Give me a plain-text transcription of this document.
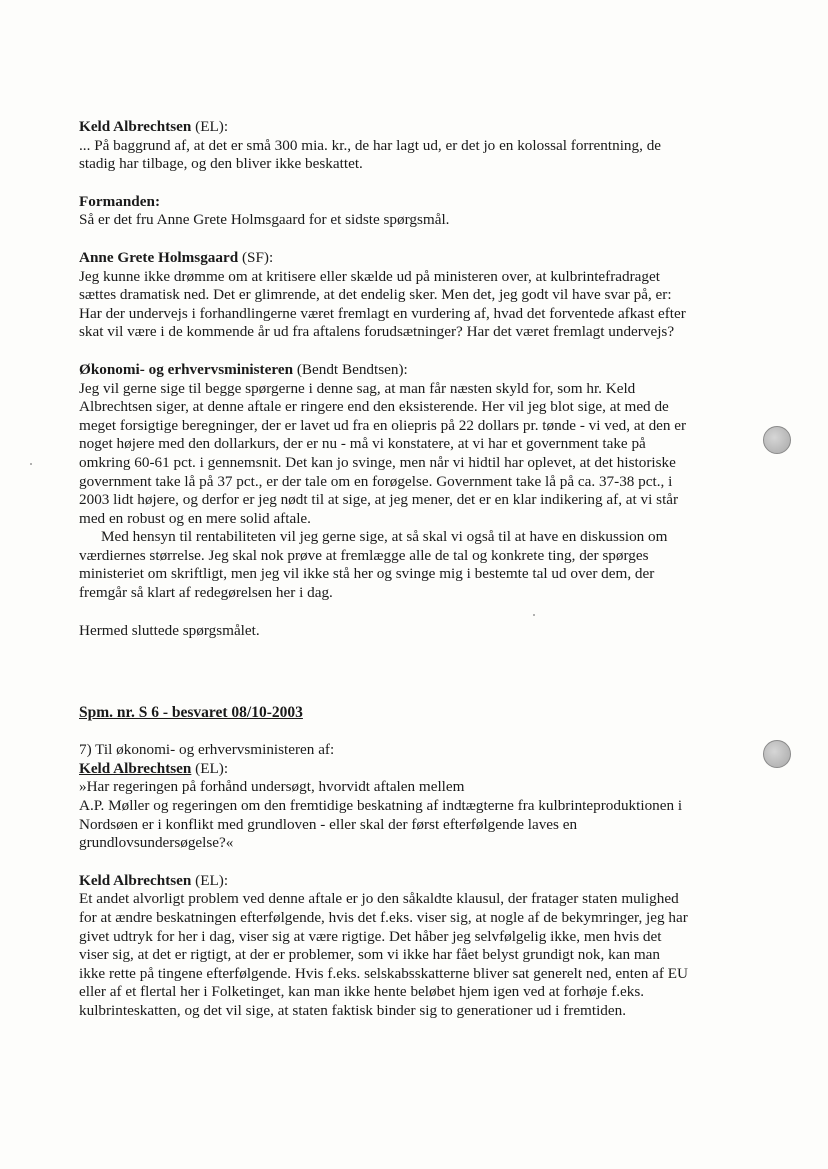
Keld Albrechtsen (EL):

... På baggrund af, at det er små 300 mia. kr., de har lagt ud, er det jo en kolossal forrentning, de

stadig har tilbage, og den bliver ikke beskattet.

Formanden:

Så er det fru Anne Grete Holmsgaard for et sidste spørgsmål.

Anne Grete Holmsgaard (SF):

Jeg kunne ikke drømme om at kritisere eller skælde ud på ministeren over, at kulbrintefradraget

sættes dramatisk ned. Det er glimrende, at det endelig sker. Men det, jeg godt vil have svar på, er:

Har der undervejs i forhandlingerne været fremlagt en vurdering af, hvad det forventede afkast efter

skat vil være i de kommende år ud fra aftalens forudsætninger? Har det været fremlagt undervejs?

Økonomi- og erhvervsministeren (Bendt Bendtsen):

Jeg vil gerne sige til begge spørgerne i denne sag, at man får næsten skyld for, som hr. Keld

Albrechtsen siger, at denne aftale er ringere end den eksisterende. Her vil jeg blot sige, at med de

meget forsigtige beregninger, der er lavet ud fra en oliepris på 22 dollars pr. tønde - vi ved, at den er

noget højere med den dollarkurs, der er nu - må vi konstatere, at vi har et government take på

omkring 60-61 pct. i gennemsnit. Det kan jo svinge, men når vi hidtil har oplevet, at det historiske

government take lå på 37 pct., er der tale om en forøgelse. Government take lå på ca. 37-38 pct., i

2003 lidt højere, og derfor er jeg nødt til at sige, at jeg mener, det er en klar indikering af, at vi står

med en robust og en mere solid aftale.

Med hensyn til rentabiliteten vil jeg gerne sige, at så skal vi også til at have en diskussion om

værdiernes størrelse. Jeg skal nok prøve at fremlægge alle de tal og konkrete ting, der spørges

ministeriet om skriftligt, men jeg vil ikke stå her og svinge mig i bestemte tal ud over dem, der

fremgår så klart af redegørelsen her i dag.

Hermed sluttede spørgsmålet.

Spm. nr. S 6 - besvaret 08/10-2003

7) Til økonomi- og erhvervsministeren af:

Keld Albrechtsen (EL):

»Har regeringen på forhånd undersøgt, hvorvidt aftalen mellem

A.P. Møller og regeringen om den fremtidige beskatning af indtægterne fra kulbrinteproduktionen i

Nordsøen er i konflikt med grundloven - eller skal der først efterfølgende laves en

grundlovsundersøgelse?«

Keld Albrechtsen (EL):

Et andet alvorligt problem ved denne aftale er jo den såkaldte klausul, der fratager staten mulighed

for at ændre beskatningen efterfølgende, hvis det f.eks. viser sig, at nogle af de bekymringer, jeg har

givet udtryk for her i dag, viser sig at være rigtige. Det håber jeg selvfølgelig ikke, men hvis det

viser sig, at det er rigtigt, at der er problemer, som vi ikke har fået belyst grundigt nok, kan man

ikke rette på tingene efterfølgende. Hvis f.eks. selskabsskatterne bliver sat generelt ned, enten af EU

eller af et flertal her i Folketinget, kan man ikke hente beløbet hjem igen ved at forhøje f.eks.

kulbrinteskatten, og det vil sige, at staten faktisk binder sig to generationer ud i fremtiden.
